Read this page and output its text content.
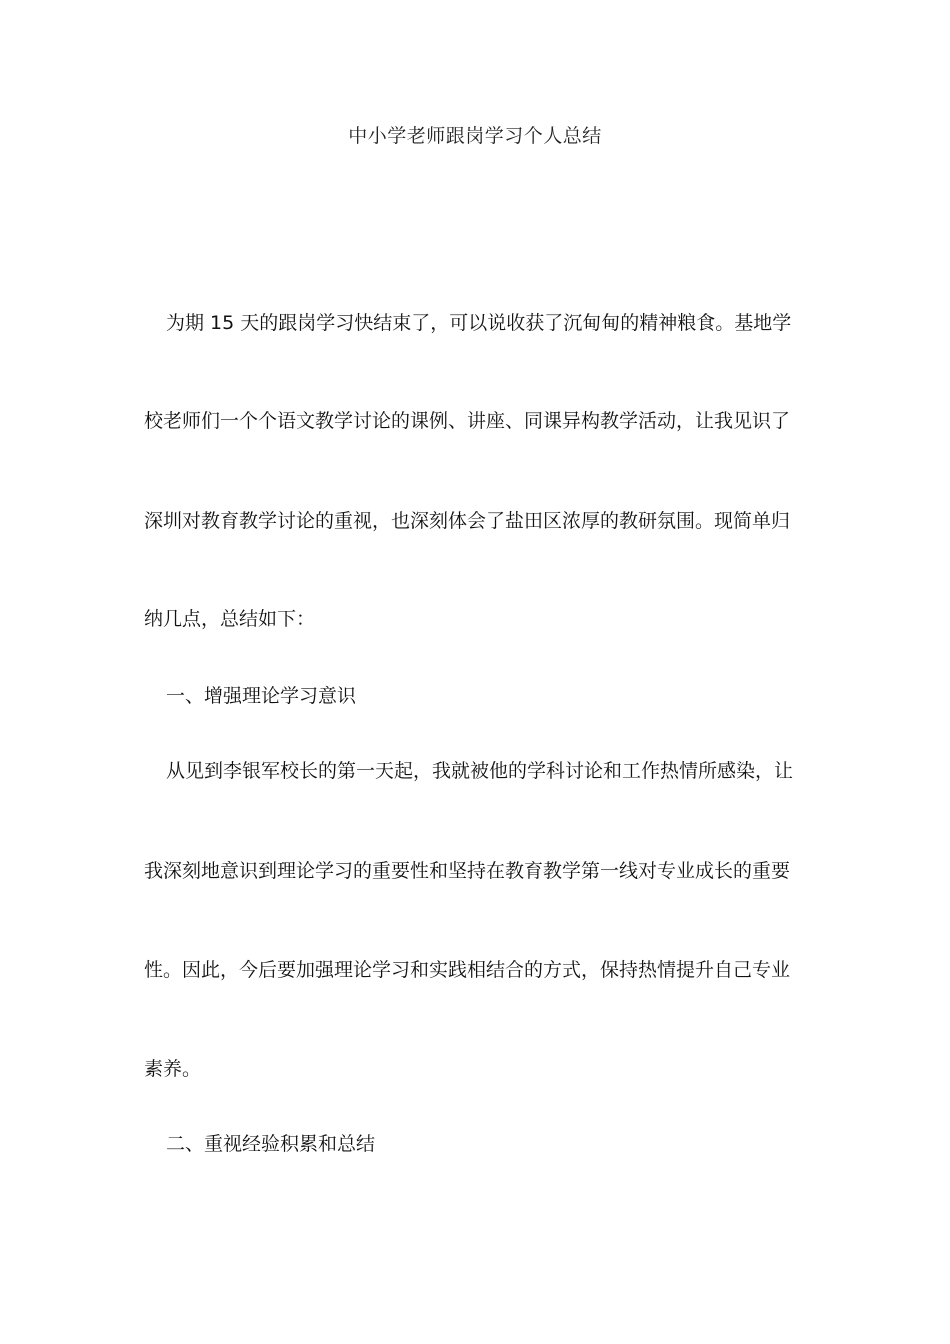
中小学老师跟岗学习个人总结
为期 15 天的跟岗学习快结束了，可以说收获了沉甸甸的精神粮食。基地学
校老师们一个个语文教学讨论的课例、讲座、同课异构教学活动，让我见识了
深圳对教育教学讨论的重视，也深刻体会了盐田区浓厚的教研氛围。现简单归
纳几点，总结如下：
一、增强理论学习意识
从见到李银军校长的第一天起，我就被他的学科讨论和工作热情所感染，让
我深刻地意识到理论学习的重要性和坚持在教育教学第一线对专业成长的重要
性。因此，今后要加强理论学习和实践相结合的方式，保持热情提升自己专业
素养。
二、重视经验积累和总结
